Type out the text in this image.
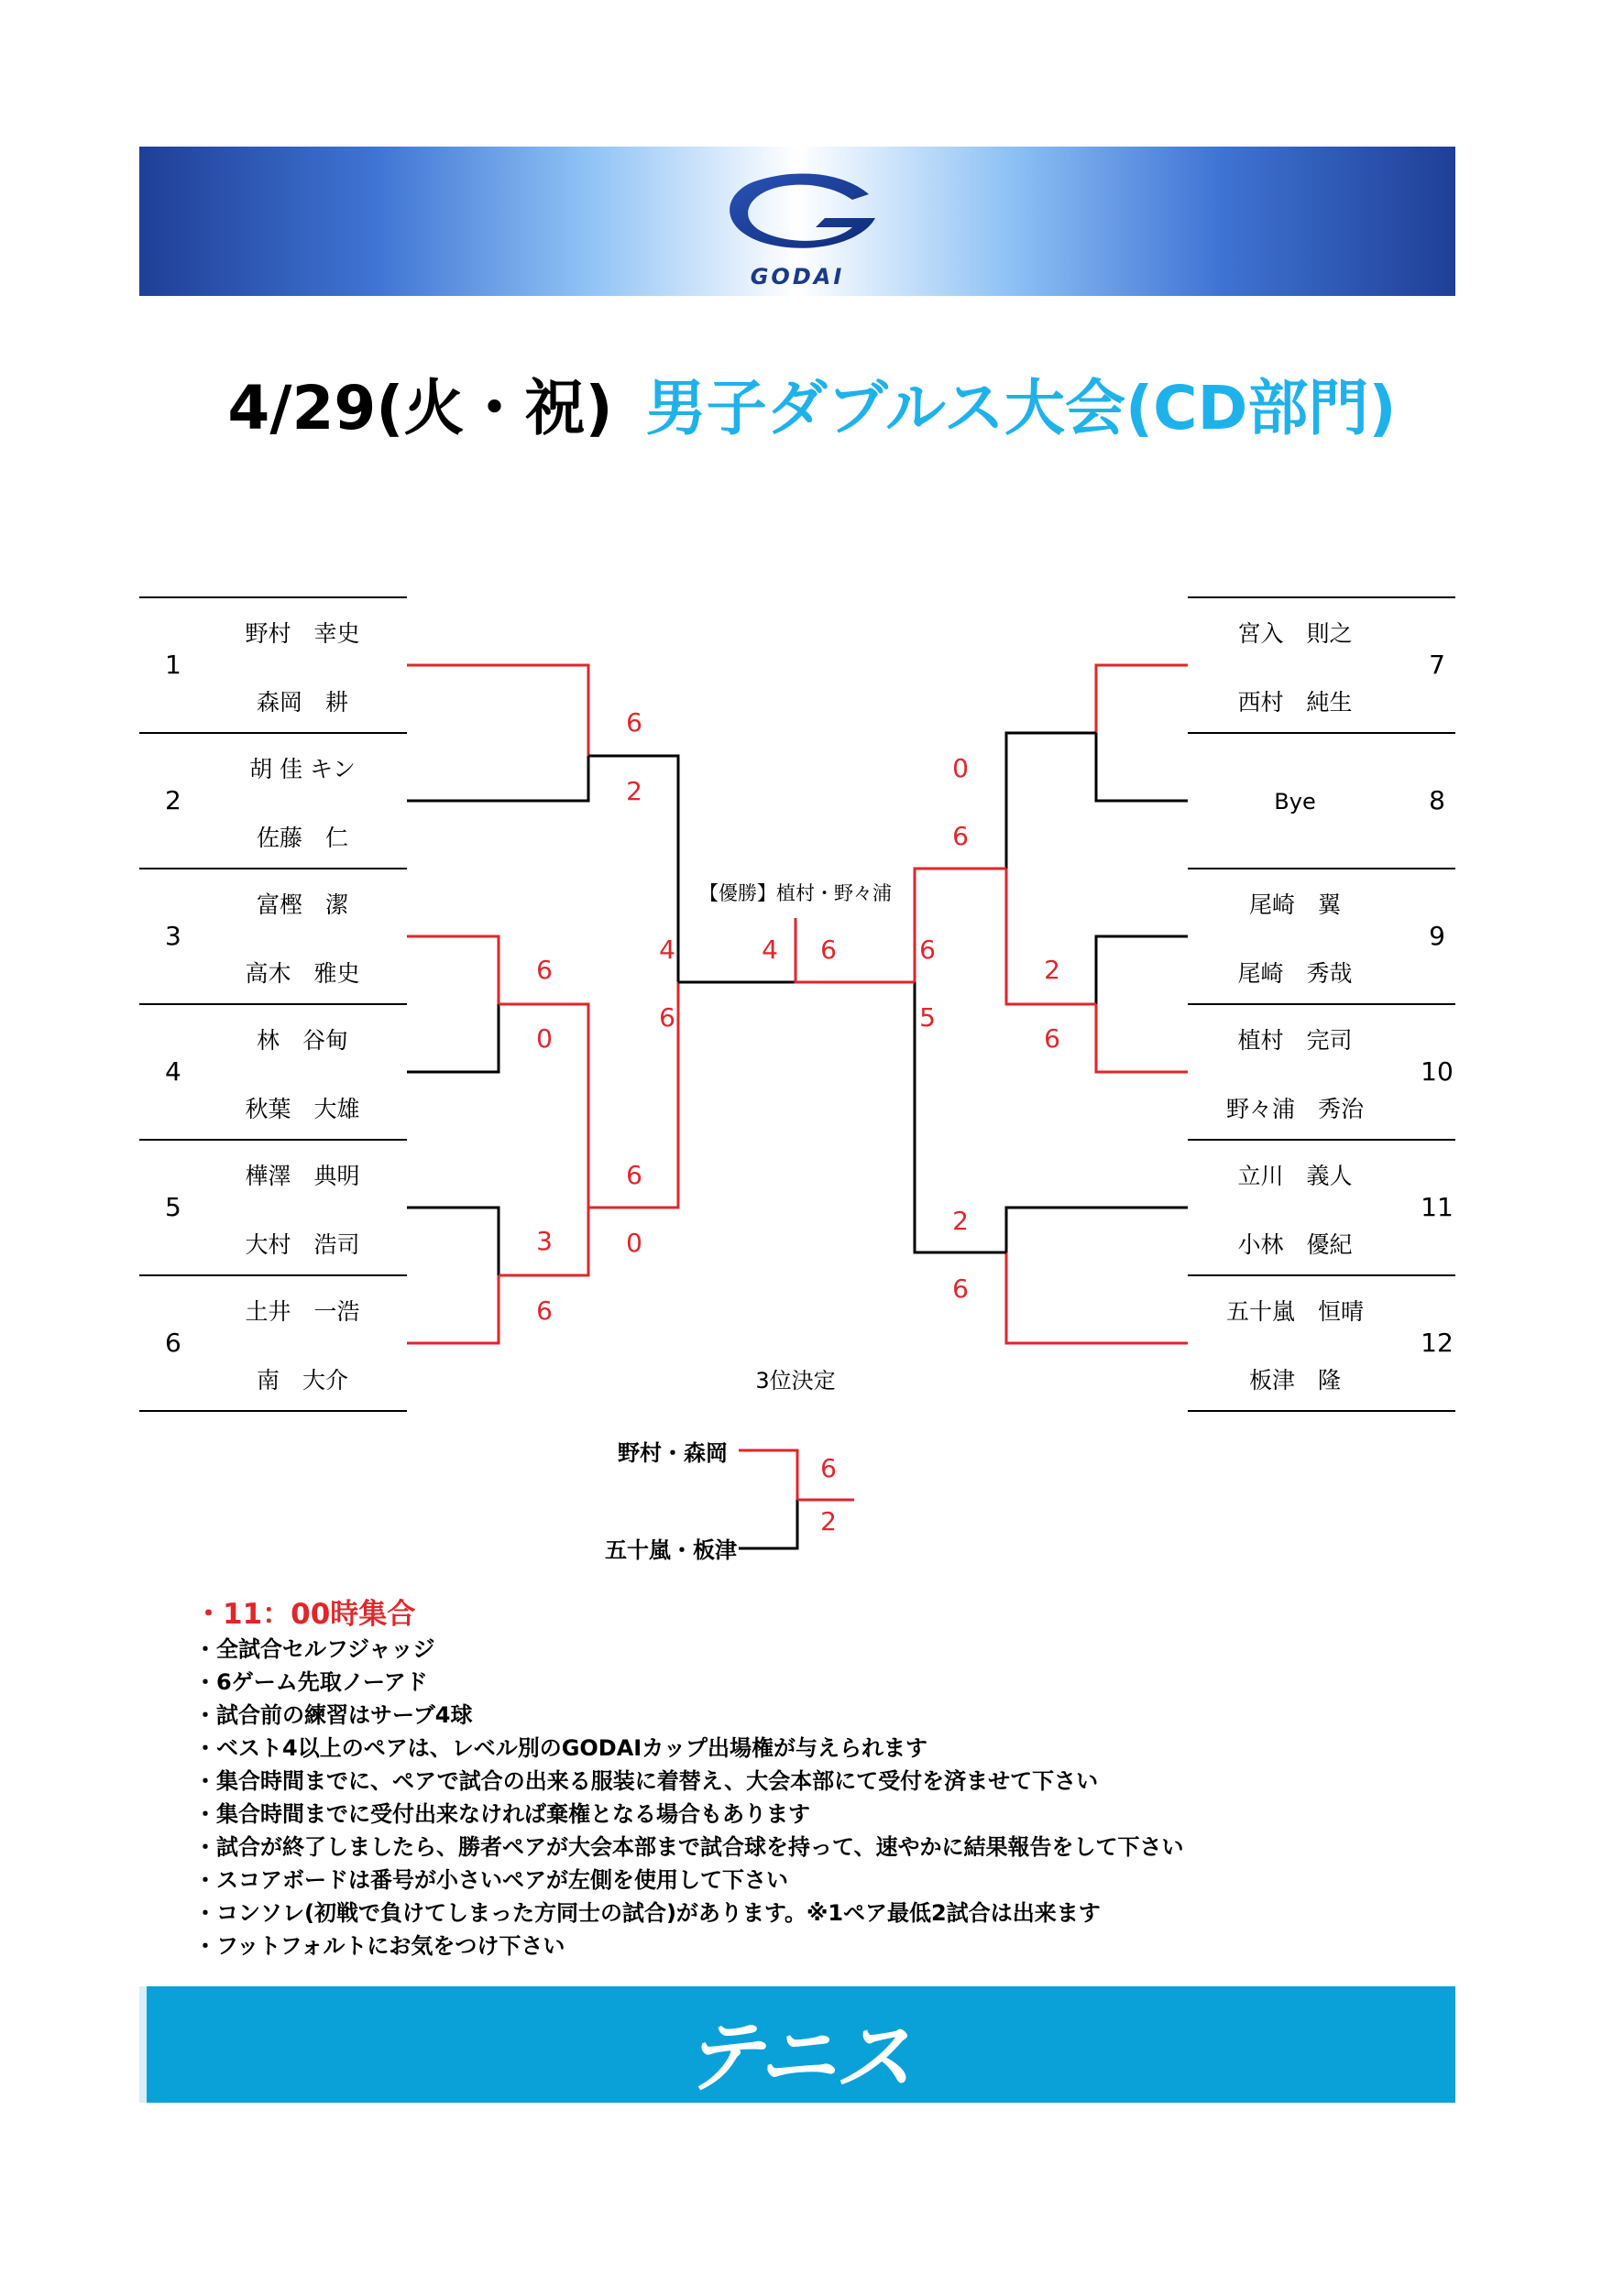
GODAI
4/29(火・祝) 男子ダブルス大会(CD部門)
1
野村　幸史
森岡　耕
2
胡 佳 キン
佐藤　仁
3
富樫　潔
高木　雅史
4
林　谷甸
秋葉　大雄
5
樺澤　典明
大村　浩司
6
土井　一浩
南　大介
7
宮入　則之
西村　純生
8
Bye
9
尾崎　翼
尾崎　秀哉
10
植村　完司
野々浦　秀治
11
立川　義人
小林　優紀
12
五十嵐　恒晴
板津　隆
6
2
6
0
3
6
6
0
4
6
4 6	6
5
0
6
2
6
2
6
6
2
【優勝】植村・野々浦
3位決定
野村・森岡
五十嵐・板津
・11：00時集合
・全試合セルフジャッジ
・6ゲーム先取ノーアド
・試合前の練習はサーブ4球
・ベスト4以上のペアは、レベル別のGODAIカップ出場権が与えられます
・集合時間までに、ペアで試合の出来る服装に着替え、大会本部にて受付を済ませて下さい
・集合時間までに受付出来なければ棄権となる場合もあります
・試合が終了しましたら、勝者ペアが大会本部まで試合球を持って、速やかに結果報告をして下さい
・スコアボードは番号が小さいペアが左側を使用して下さい
・コンソレ(初戦で負けてしまった方同士の試合)があります。※1ペア最低2試合は出来ます
・フットフォルトにお気をつけ下さい
テニス
